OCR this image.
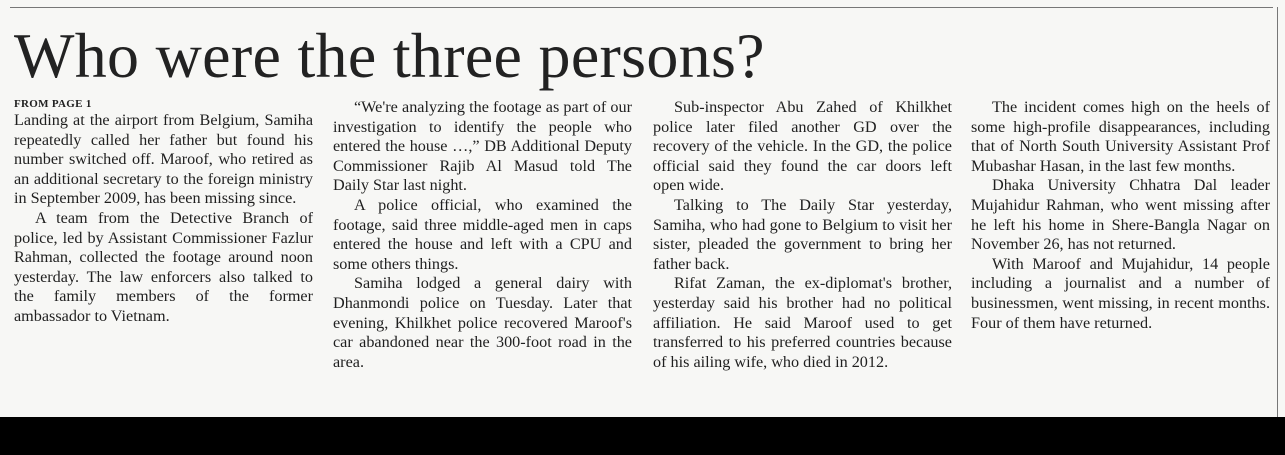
Who were the three persons?
FROM PAGE 1

Landing at the airport from Belgium, Samiha repeatedly called her father but found his number switched off. Maroof, who retired as an additional secretary to the foreign ministry in September 2009, has been missing since.

A team from the Detective Branch of police, led by Assistant Commissioner Fazlur Rahman, collected the footage around noon yesterday. The law enforcers also talked to the family members of the former ambassador to Vietnam.

“We're analyzing the footage as part of our investigation to identify the people who entered the house …,” DB Additional Deputy Commissioner Rajib Al Masud told The Daily Star last night.

A police official, who examined the footage, said three middle-aged men in caps entered the house and left with a CPU and some others things.

Samiha lodged a general dairy with Dhanmondi police on Tuesday. Later that evening, Khilkhet police recovered Maroof's car abandoned near the 300-foot road in the area.

Sub-inspector Abu Zahed of Khilkhet police later filed another GD over the recovery of the vehicle. In the GD, the police official said they found the car doors left open wide.

Talking to The Daily Star yesterday, Samiha, who had gone to Belgium to visit her sister, pleaded the government to bring her father back.

Rifat Zaman, the ex-diplomat's brother, yesterday said his brother had no political affiliation. He said Maroof used to get transferred to his preferred countries because of his ailing wife, who died in 2012.

The incident comes high on the heels of some high-profile disappearances, including that of North South University Assistant Prof Mubashar Hasan, in the last few months.

Dhaka University Chhatra Dal leader Mujahidur Rahman, who went missing after he left his home in Shere-Bangla Nagar on November 26, has not returned.

With Maroof and Mujahidur, 14 people including a journalist and a number of businessmen, went missing, in recent months. Four of them have returned.
